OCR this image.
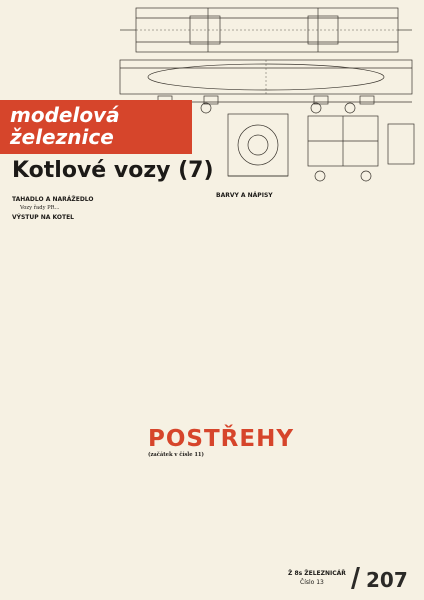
modelová železnice
Kotlové vozy (7)
TAHADLO A NARÁŽEDLO
Vozy řady PR...
VÝSTUP NA KOTEL
BARVY A NÁPISY
POSTŘEHY
(začátek v čísle 11)
Ž 8s ŽELEZNICÁŘ
Číslo 13 207
